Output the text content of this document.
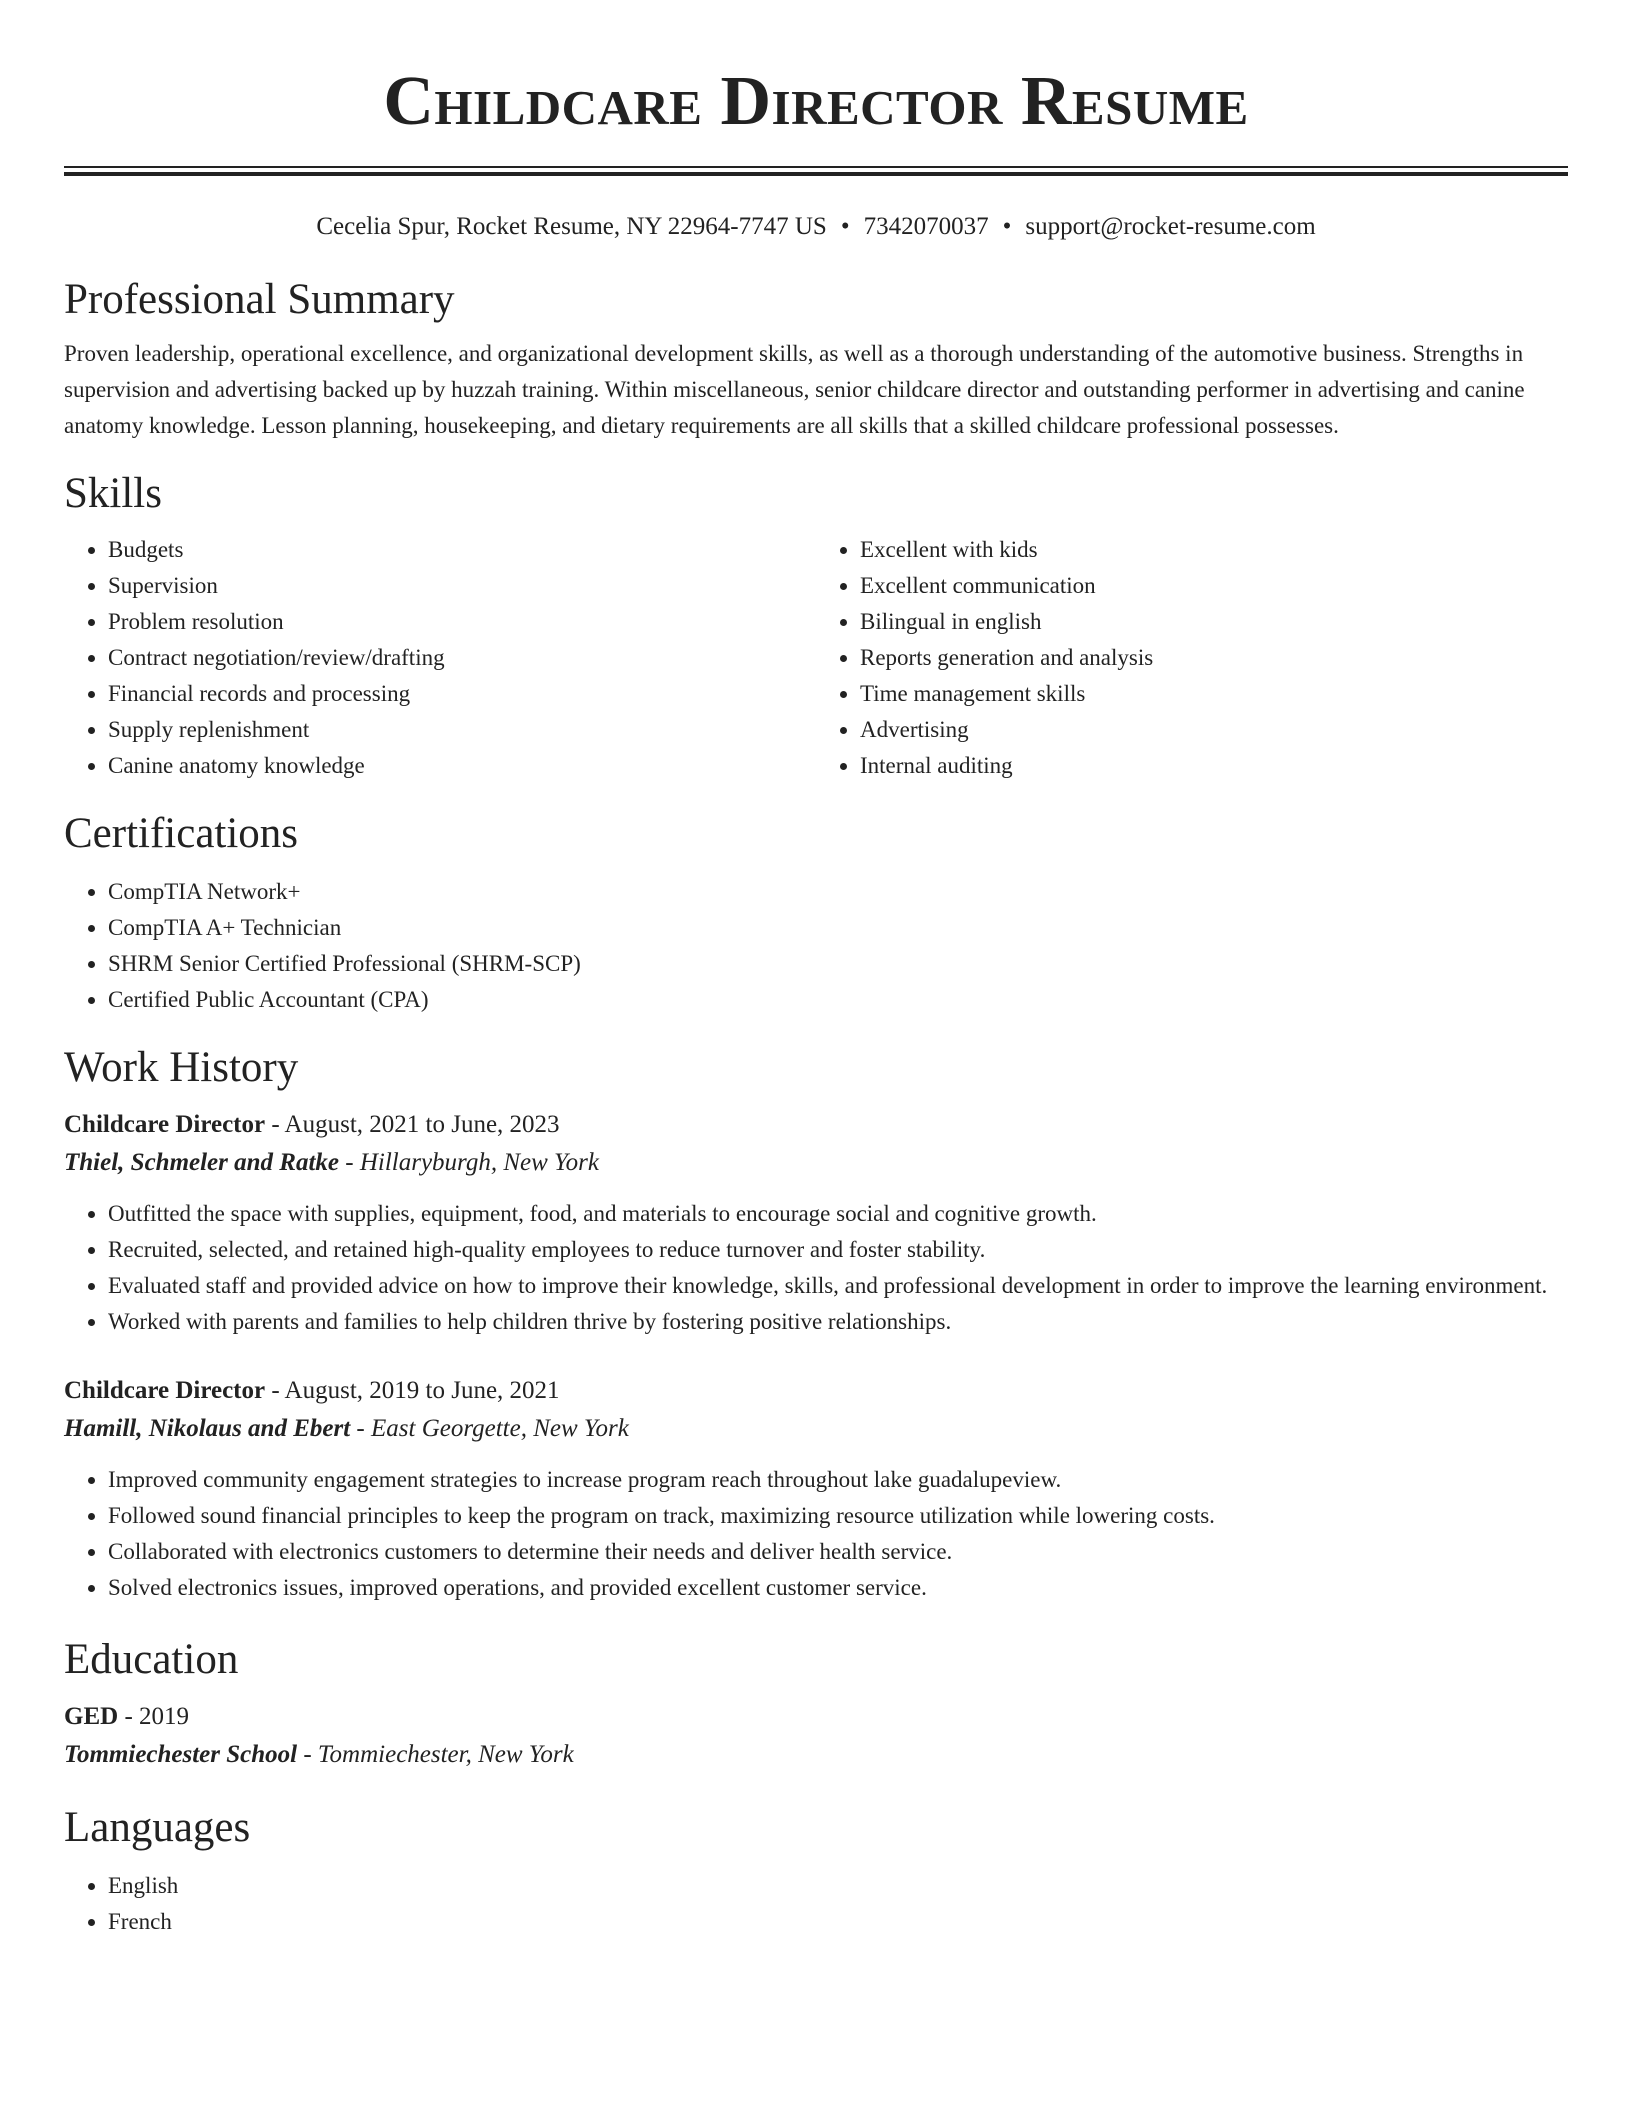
Childcare Director Resume
Cecelia Spur, Rocket Resume, NY 22964-7747 US • 7342070037 • support@rocket-resume.com
Professional Summary
Proven leadership, operational excellence, and organizational development skills, as well as a thorough understanding of the automotive business. Strengths in supervision and advertising backed up by huzzah training. Within miscellaneous, senior childcare director and outstanding performer in advertising and canine anatomy knowledge. Lesson planning, housekeeping, and dietary requirements are all skills that a skilled childcare professional possesses.
Skills
• Budgets
• Supervision
• Problem resolution
• Contract negotiation/review/drafting
• Financial records and processing
• Supply replenishment
• Canine anatomy knowledge
• Excellent with kids
• Excellent communication
• Bilingual in english
• Reports generation and analysis
• Time management skills
• Advertising
• Internal auditing
Certifications
• CompTIA Network+
• CompTIA A+ Technician
• SHRM Senior Certified Professional (SHRM-SCP)
• Certified Public Accountant (CPA)
Work History
Childcare Director - August, 2021 to June, 2023
Thiel, Schmeler and Ratke - Hillaryburgh, New York
• Outfitted the space with supplies, equipment, food, and materials to encourage social and cognitive growth.
• Recruited, selected, and retained high-quality employees to reduce turnover and foster stability.
• Evaluated staff and provided advice on how to improve their knowledge, skills, and professional development in order to improve the learning environment.
• Worked with parents and families to help children thrive by fostering positive relationships.
Childcare Director - August, 2019 to June, 2021
Hamill, Nikolaus and Ebert - East Georgette, New York
• Improved community engagement strategies to increase program reach throughout lake guadalupeview.
• Followed sound financial principles to keep the program on track, maximizing resource utilization while lowering costs.
• Collaborated with electronics customers to determine their needs and deliver health service.
• Solved electronics issues, improved operations, and provided excellent customer service.
Education
GED - 2019
Tommiechester School - Tommiechester, New York
Languages
• English
• French
